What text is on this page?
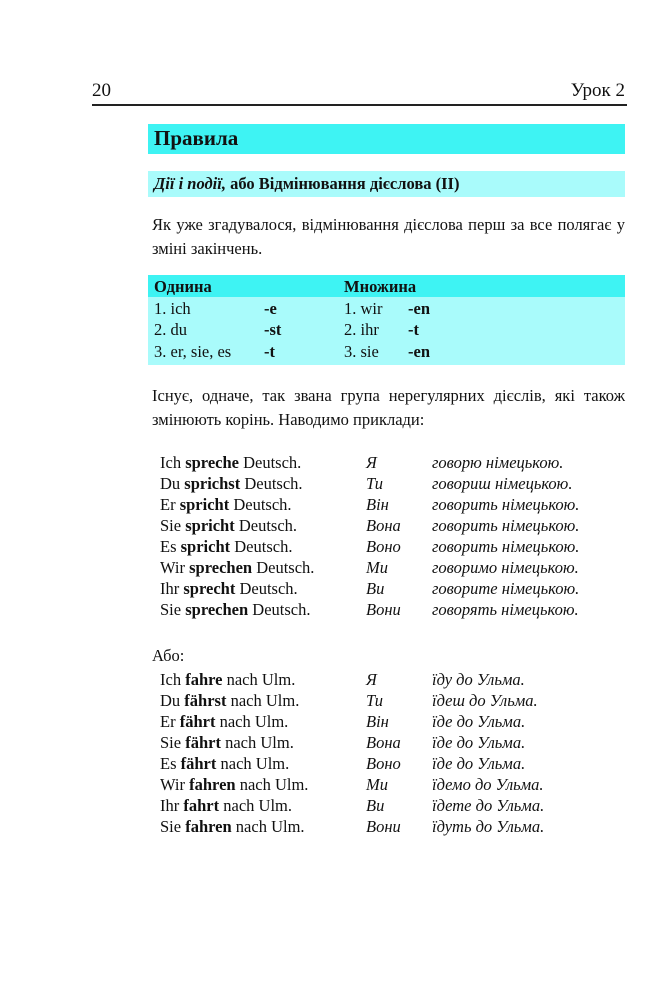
20	Урок 2
Правила
Дії і події, або Відмінювання дієслова (II)

Як уже згадувалося, відмінювання дієслова перш за все полягає у зміні закінчень.

Однина	Множина
1. ich	-e	1. wir -en
2. du	-st	2. ihr -t
3. er, sie, es -t	3. sie -en

Існує, одначе, так звана група нерегулярних дієслів, які також змінюють корінь. Наводимо приклади:

Ich spreche Deutsch.	Я	говорю німецькою.
Du sprichst Deutsch.	Ти	говориш німецькою.
Er spricht Deutsch.	Він	говорить німецькою.
Sie spricht Deutsch.	Вона говорить німецькою.
Es spricht Deutsch.	Воно говорить німецькою.
Wir sprechen Deutsch.	Ми	говоримо німецькою.
Ihr sprecht Deutsch.	Ви	говорите німецькою.
Sie sprechen Deutsch.	Вони говорять німецькою.
Або:
Ich fahre nach Ulm.	Я	їду до Ульма.
Du fährst nach Ulm.	Ти	їдеш до Ульма.
Er fährt nach Ulm.	Він	їде до Ульма.
Sie fährt nach Ulm.	Вона їде до Ульма.
Es fährt nach Ulm.	Воно їде до Ульма.
Wir fahren nach Ulm.	Ми	їдемо до Ульма.
Ihr fahrt nach Ulm.	Ви	їдете до Ульма.
Sie fahren nach Ulm.	Вони їдуть до Ульма.
